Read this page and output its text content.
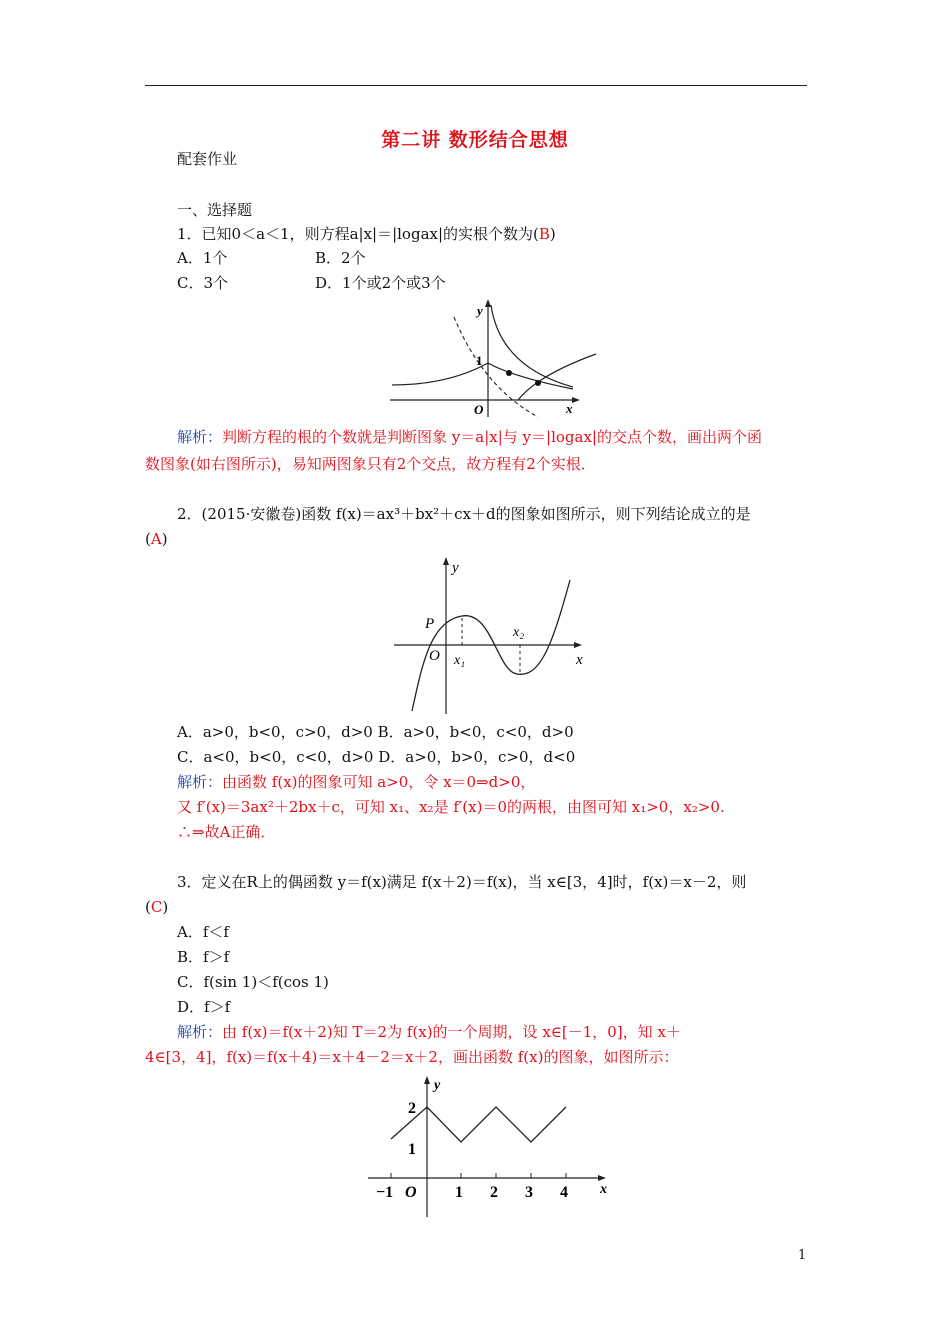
第二讲 数形结合思想
配套作业
一、选择题
1．已知0＜a＜1，则方程a|x|＝|logax|的实根个数为(B)
A．1个	B．2个
C．3个	D．1个或2个或3个
y
x
O
1
解析：判断方程的根的个数就是判断图象 y＝a|x|与 y＝|logax|的交点个数，画出两个函
数图象(如右图所示)，易知两图象只有2个交点，故方程有2个实根．
2．(2015·安徽卷)函数 f(x)＝ax³＋bx²＋cx＋d的图象如图所示，则下列结论成立的是
(A)
y
x
O
P
x₁
x₂
A．a>0，b<0，c>0，d>0 B．a>0，b<0，c<0，d>0
C．a<0，b<0，c<0，d>0 D．a>0，b>0，c>0，d<0
解析：由函数 f(x)的图象可知 a>0，令 x＝0⇒d>0，
又 f′(x)＝3ax²＋2bx＋c，可知 x₁、x₂是 f′(x)＝0的两根，由图可知 x₁>0，x₂>0.
∴⇒故A正确．
3．定义在R上的偶函数 y＝f(x)满足 f(x＋2)＝f(x)，当 x∈[3，4]时，f(x)＝x－2，则
(C)
A．f＜f
B．f＞f
C．f(sin 1)＜f(cos 1)
D．f＞f
解析：由 f(x)＝f(x＋2)知 T＝2为 f(x)的一个周期，设 x∈[－1，0]，知 x＋
4∈[3，4]，f(x)＝f(x＋4)＝x＋4－2＝x＋2，画出函数 f(x)的图象，如图所示：
y
x
2
1
O
−1	1 2 3 4
1
